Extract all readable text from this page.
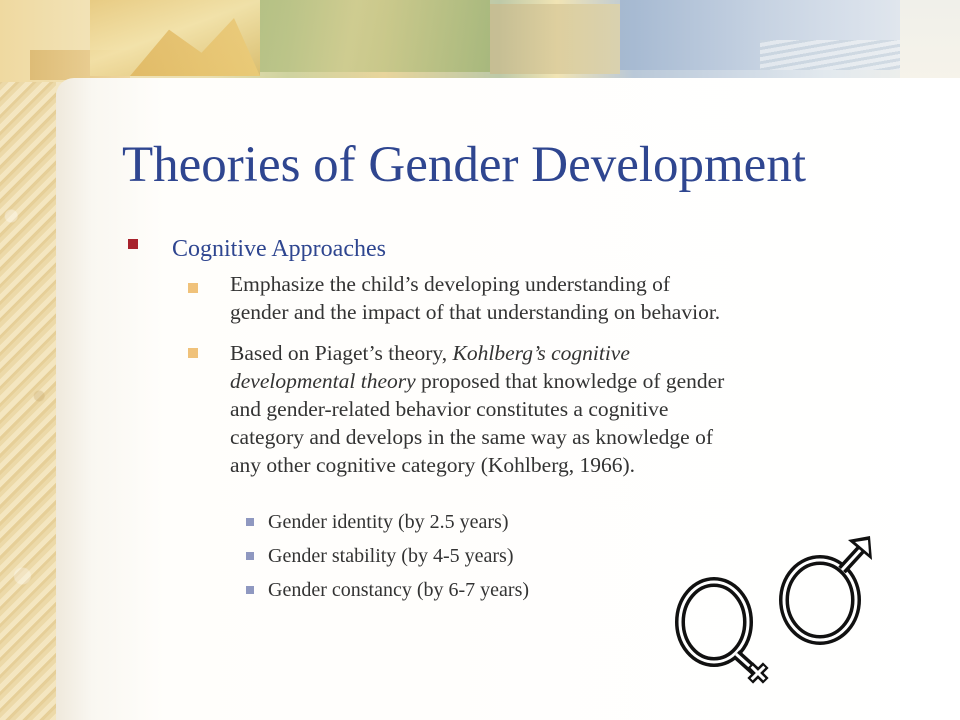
Theories of Gender Development
Cognitive Approaches
Emphasize the child’s developing understanding of
gender and the impact of that understanding on behavior.
Based on Piaget’s theory, Kohlberg’s cognitive
developmental theory proposed that knowledge of gender
and gender-related behavior constitutes a cognitive
category and develops in the same way as knowledge of
any other cognitive category (Kohlberg, 1966).
Gender identity (by 2.5 years)
Gender stability (by 4-5 years)
Gender constancy (by 6-7 years)
